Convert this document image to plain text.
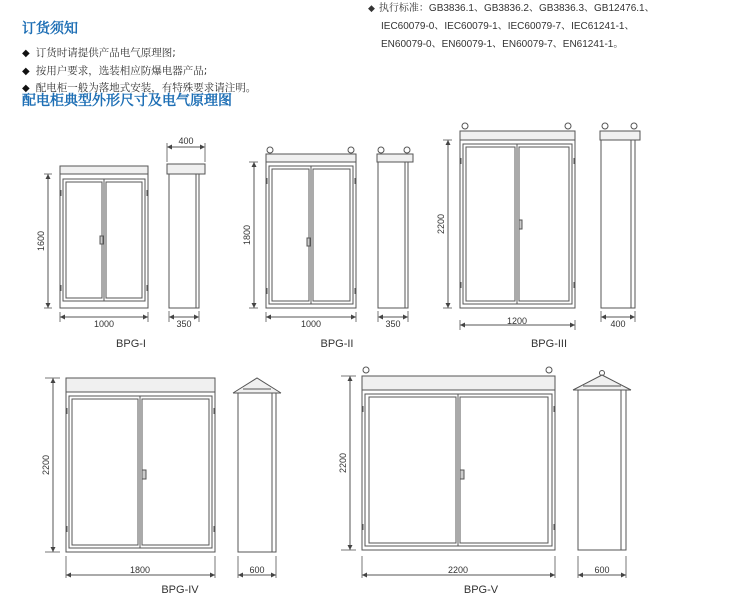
订货须知
◆ 订货时请提供产品电气原理图;
◆ 按用户要求，选装相应防爆电器产品;
◆ 配电柜一般为落地式安装，有特殊要求请注明。
◆ 执行标准：GB3836.1、GB3836.2、GB3836.3、GB12476.1、
IEC60079-0、IEC60079-1、IEC60079-7、IEC61241-1、
EN60079-0、EN60079-1、EN60079-7、EN61241-1。
配电柜典型外形尺寸及电气原理图
400
1000	350
1600
1000	350
1800
1200	400
2200
1800	600
2200
2200	600
2200
BPG-I	BPG-II	BPG-III
BPG-IV	BPG-V
